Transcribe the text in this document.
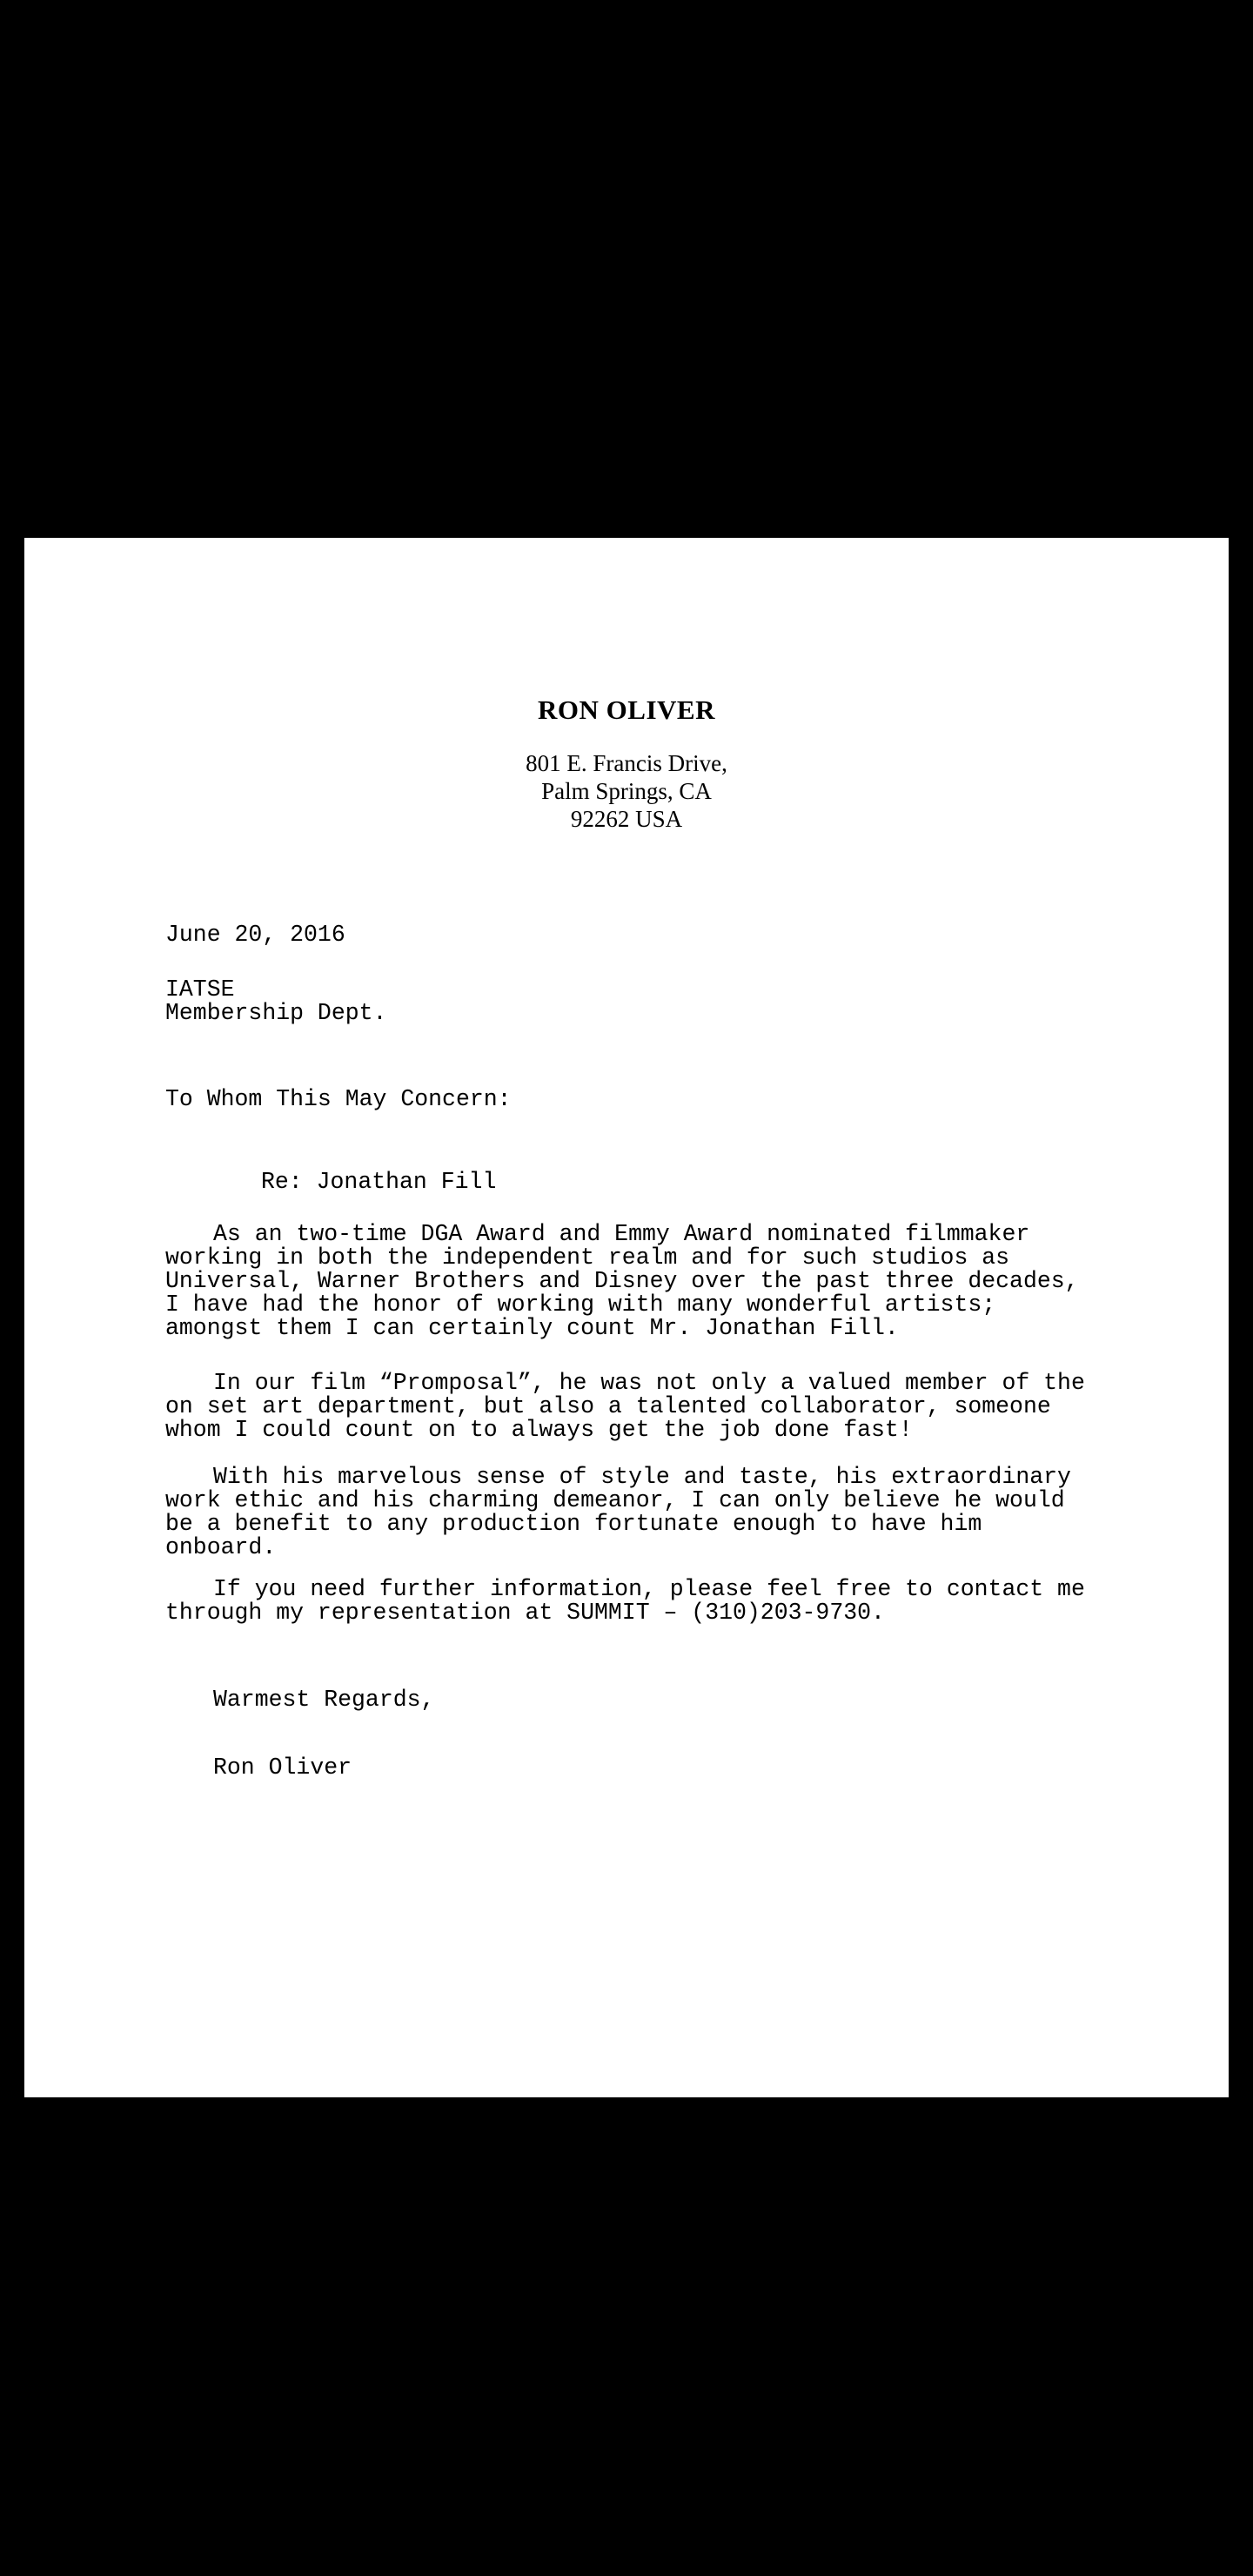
RON OLIVER
801 E. Francis Drive,
Palm Springs, CA
92262 USA
June 20, 2016
IATSE
Membership Dept.
To Whom This May Concern:
Re: Jonathan Fill
As an two-time DGA Award and Emmy Award nominated filmmaker
working in both the independent realm and for such studios as
Universal, Warner Brothers and Disney over the past three decades,
I have had the honor of working with many wonderful artists;
amongst them I can certainly count Mr. Jonathan Fill.
In our film “Promposal”, he was not only a valued member of the
on set art department, but also a talented collaborator, someone
whom I could count on to always get the job done fast!
With his marvelous sense of style and taste, his extraordinary
work ethic and his charming demeanor, I can only believe he would
be a benefit to any production fortunate enough to have him
onboard.
If you need further information, please feel free to contact me
through my representation at SUMMIT – (310)203-9730.
Warmest Regards,
Ron Oliver
